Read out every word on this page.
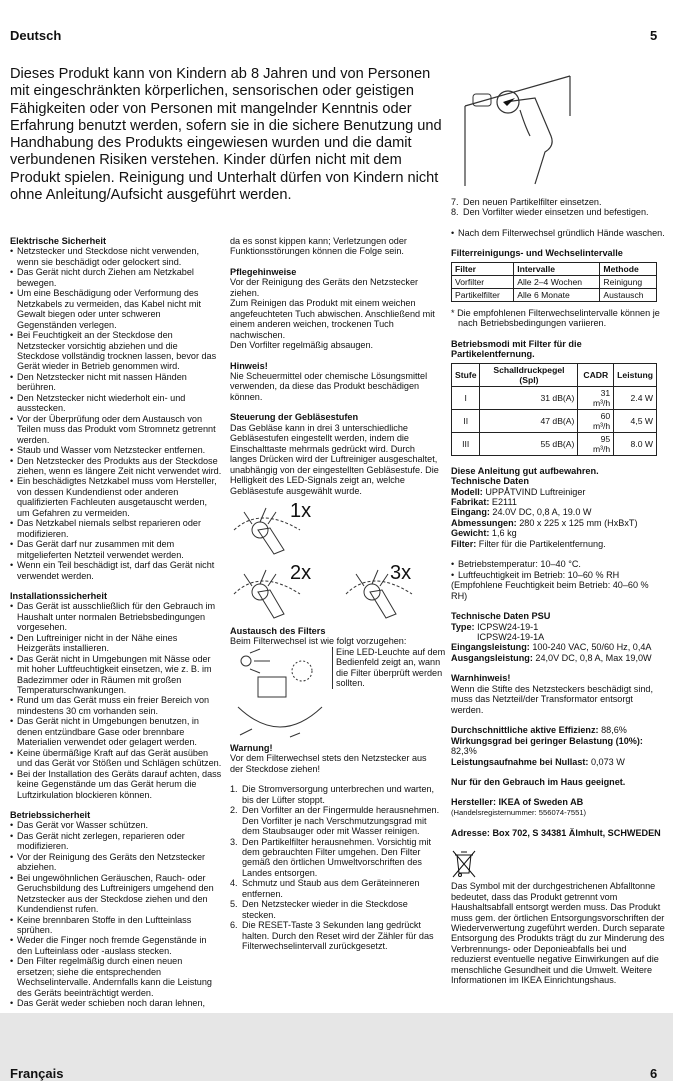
Deutsch	5
Dieses Produkt kann von Kindern ab 8 Jahren und von Personen mit eingeschränkten körperlichen, sensorischen oder geistigen Fähigkeiten oder von Personen mit mangelnder Kenntnis oder Erfahrung benutzt werden, sofern sie in die sichere Benutzung und Handhabung des Produkts eingewiesen wurden und die damit verbundenen Risiken verstehen. Kinder dürfen nicht mit dem Produkt spielen. Reinigung und Unterhalt dürfen von Kindern nicht ohne Anleitung/Aufsicht ausgeführt werden.
Elektrische Sicherheit
• Netzstecker und Steckdose nicht verwenden, wenn sie beschädigt oder gelockert sind.
• Das Gerät nicht durch Ziehen am Netzkabel bewegen.
• Um eine Beschädigung oder Verformung des Netzkabels zu vermeiden, das Kabel nicht mit Gewalt biegen oder unter schweren Gegenständen verlegen.
• Bei Feuchtigkeit an der Steckdose den Netzstecker vorsichtig abziehen und die Steckdose vollständig trocknen lassen, bevor das Gerät wieder in Betrieb genommen wird.
• Den Netzstecker nicht mit nassen Händen berühren.
• Den Netzstecker nicht wiederholt ein- und ausstecken.
• Vor der Überprüfung oder dem Austausch von Teilen muss das Produkt vom Stromnetz getrennt werden.
• Staub und Wasser vom Netzstecker entfernen.
• Den Netzstecker des Produkts aus der Steckdose ziehen, wenn es längere Zeit nicht verwendet wird.
• Ein beschädigtes Netzkabel muss vom Hersteller, von dessen Kundendienst oder anderen qualifizierten Fachleuten ausgetauscht werden, um Gefahren zu vermeiden.
• Das Netzkabel niemals selbst reparieren oder modifizieren.
• Das Gerät darf nur zusammen mit dem mitgelieferten Netzteil verwendet werden.
• Wenn ein Teil beschädigt ist, darf das Gerät nicht verwendet werden.
Installationssicherheit
• Das Gerät ist ausschließlich für den Gebrauch im Haushalt unter normalen Betriebsbedingungen vorgesehen.
• Den Luftreiniger nicht in der Nähe eines Heizgeräts installieren.
• Das Gerät nicht in Umgebungen mit Nässe oder mit hoher Luftfeuchtigkeit einsetzen, wie z. B. im Badezimmer oder in Räumen mit großen Temperaturschwankungen.
• Rund um das Gerät muss ein freier Bereich von mindestens 30 cm vorhanden sein.
• Das Gerät nicht in Umgebungen benutzen, in denen entzündbare Gase oder brennbare Materialien verwendet oder gelagert werden.
• Keine übermäßige Kraft auf das Gerät ausüben und das Gerät vor Stößen und Schlägen schützen.
• Bei der Installation des Geräts darauf achten, dass keine Gegenstände um das Gerät herum die Luftzirkulation blockieren können.
Betriebssicherheit
• Das Gerät vor Wasser schützen.
• Das Gerät nicht zerlegen, reparieren oder modifizieren.
• Vor der Reinigung des Geräts den Netzstecker abziehen.
• Bei ungewöhnlichen Geräuschen, Rauch- oder Geruchsbildung des Luftreinigers umgehend den Netzstecker aus der Steckdose ziehen und den Kundendienst rufen.
• Keine brennbaren Stoffe in den Luftteinlass sprühen.
• Weder die Finger noch fremde Gegenstände in den Lufteinlass oder -auslass stecken.
• Den Filter regelmäßig durch einen neuen ersetzen; siehe die entsprechenden Wechselintervalle. Andernfalls kann die Leistung des Geräts beeinträchtigt werden.
• Das Gerät weder schieben noch daran lehnen,

da es sonst kippen kann; Verletzungen oder Funktionsstörungen können die Folge sein.

Pflegehinweise

Vor der Reinigung des Geräts den Netzstecker ziehen.

Zum Reinigen das Produkt mit einem weichen angefeuchteten Tuch abwischen. Anschließend mit einem anderen weichen, trockenen Tuch nachwischen.

Den Vorfilter regelmäßig absaugen.

Hinweis!

Nie Scheuermittel oder chemische Lösungsmittel verwenden, da diese das Produkt beschädigen können.

Steuerung der Gebläsestufen

Das Gebläse kann in drei 3 unterschiedliche Gebläsestufen eingestellt werden, indem die Einschalttaste mehrmals gedrückt wird. Durch langes Drücken wird der Luftreiniger ausgeschaltet, unabhängig von der eingestellten Gebläsestufe. Die Helligkeit des LED-Signals zeigt an, welche Gebläsestufe ausgewählt wurde.

1x
2x	3x
Austausch des Filters

Beim Filterwechsel ist wie folgt vorzugehen:

Eine LED-Leuchte auf dem Bedienfeld zeigt an, wann die Filter überprüft werden sollten.
Warnung!

Vor dem Filterwechsel stets den Netzstecker aus der Steckdose ziehen!

1. Die Stromversorgung unterbrechen und warten, bis der Lüfter stoppt.
2. Den Vorfilter an der Fingermulde herausnehmen. Den Vorfilter je nach Verschmutzungsgrad mit dem Staubsauger oder mit Wasser reinigen.
3. Den Partikelfilter herausnehmen. Vorsichtig mit dem gebrauchten Filter umgehen. Den Filter gemäß den örtlichen Umweltvorschriften des Landes entsorgen.
4. Schmutz und Staub aus dem Geräteinneren entfernen.
5. Den Netzstecker wieder in die Steckdose stecken.
6. Die RESET-Taste 3 Sekunden lang gedrückt halten. Durch den Reset wird der Zähler für das Filterwechselintervall zurückgesetzt.
7. Den neuen Partikelfilter einsetzen.
8. Den Vorfilter wieder einsetzen und befestigen.
• Nach dem Filterwechsel gründlich Hände waschen.
Filterreinigungs- und Wechselintervalle
Filter	Intervalle	Methode
Vorfilter	Alle 2–4 Wochen	Reinigung
Partikelfilter	Alle 6 Monate	Austausch

* Die empfohlenen Filterwechselintervalle können je nach Betriebsbedingungen variieren.

Betriebsmodi mit Filter für die Partikelentfernung.
Stufe	Schalldruckpegel (Spl)	CADR	Leistung
I	31 dB(A)	31 m³/h	2.4 W
II	47 dB(A)	60 m³/h	4,5 W
III	55 dB(A)	95 m³/h	8.0 W
Diese Anleitung gut aufbewahren.
Technische Daten

Modell: UPPÅTVIND Luftreiniger

Fabrikat: E2111

Eingang: 24.0V DC, 0,8 A, 19.0 W

Abmessungen: 280 x 225 x 125 mm (HxBxT)

Gewicht: 1,6 kg

Filter: Filter für die Partikelentfernung.

• Betriebstemperatur: 10–40 °C.
• Luftfeuchtigkeit im Betrieb: 10–60 % RH

(Empfohlene Feuchtigkeit beim Betrieb: 40–60 % RH)

Technische Daten PSU

Type: ICPSW24-19-1

ICPSW24-19-1A

Eingangsleistung: 100-240 VAC, 50/60 Hz, 0,4A

Ausgangsleistung: 24,0V DC, 0,8 A, Max 19,0W

Warnhinweis!

Wenn die Stifte des Netzsteckers beschädigt sind, muss das Netzteil/der Transformator entsorgt werden.

Durchschnittliche aktive Effizienz: 88,6%

Wirkungsgrad bei geringer Belastung (10%): 82,3%

Leistungsaufnahme bei Nullast: 0,073 W

Nur für den Gebrauch im Haus geeignet.

Hersteller: IKEA of Sweden AB

(Handelsregisternummer: 556074-7551)

Adresse: Box 702, S 34381 Älmhult, SCHWEDEN

Das Symbol mit der durchgestrichenen Abfalltonne bedeutet, dass das Produkt getrennt vom Haushaltsabfall entsorgt werden muss. Das Produkt muss gem. der örtlichen Entsorgungsvorschriften der Wiederverwertung zugeführt werden. Durch separate Entsorgung des Produkts trägt du zur Minderung des Verbrennungs- oder Deponieabfalls bei und reduzierst eventuelle negative Einwirkungen auf die menschliche Gesundheit und die Umwelt. Weitere Informationen im IKEA Einrichtungshaus.

Français	6
